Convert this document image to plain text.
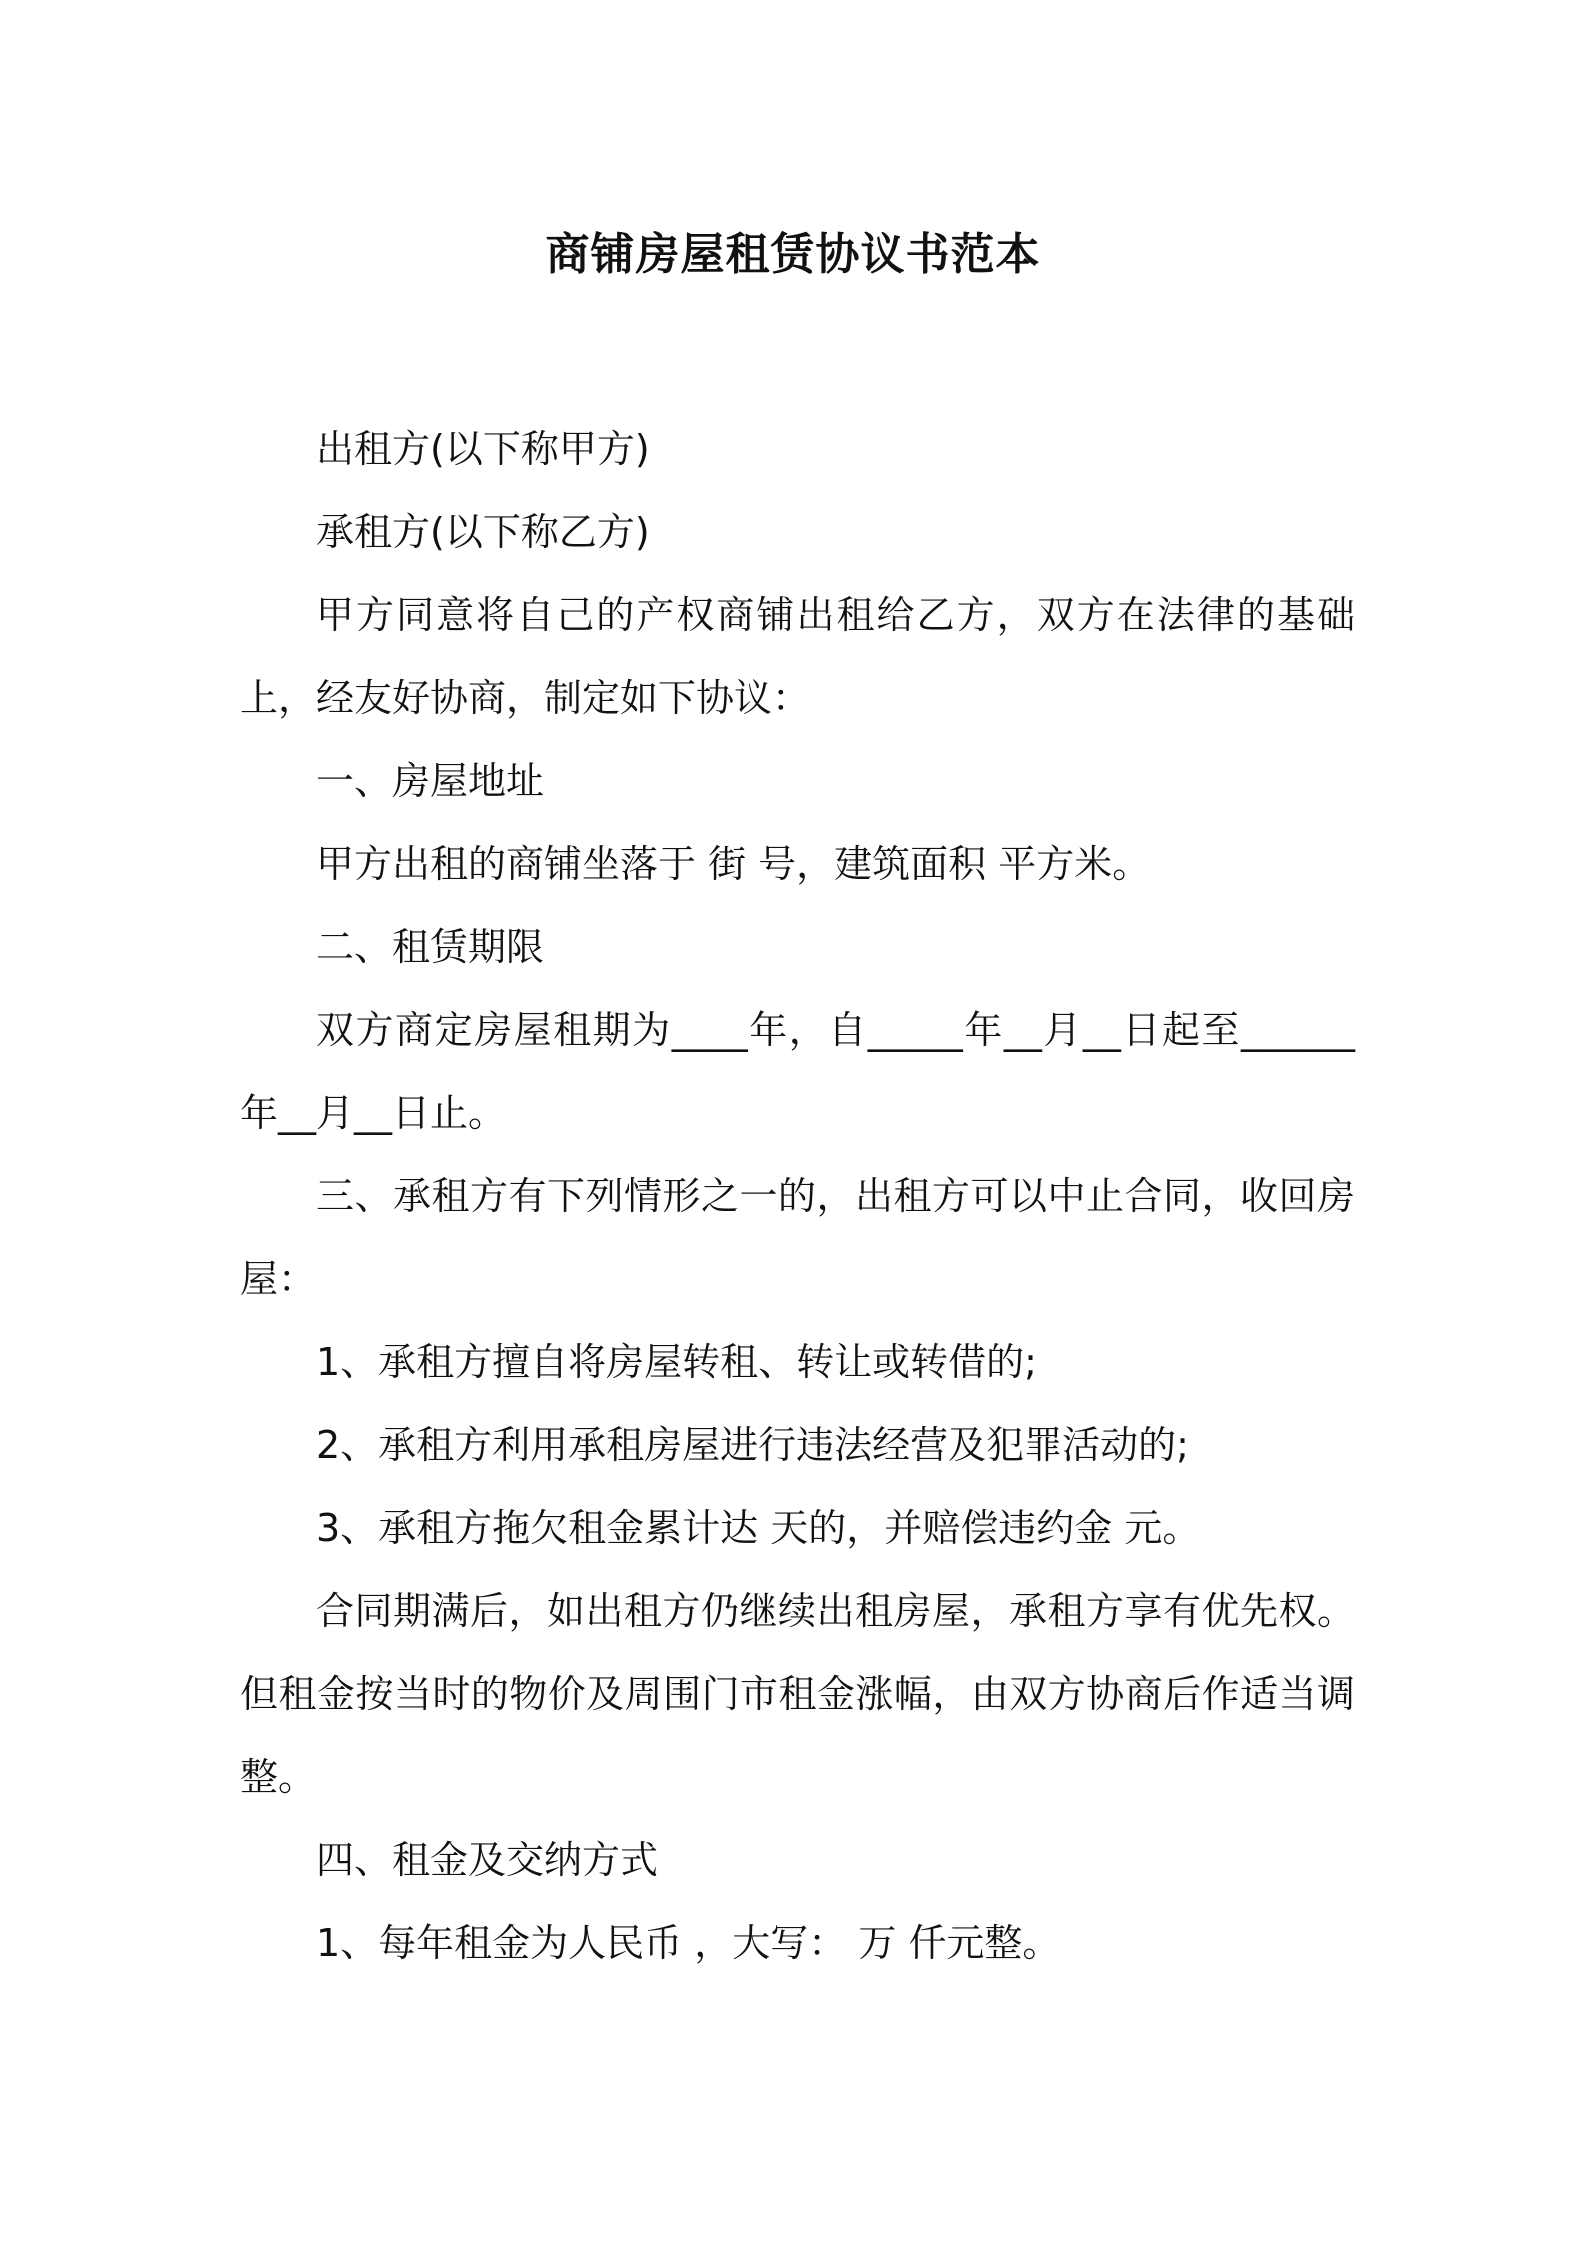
商铺房屋租赁协议书范本

出租方(以下称甲方)

承租方(以下称乙方)

甲方同意将自己的产权商铺出租给乙方，双方在法律的基础上，经友好协商，制定如下协议：

一、房屋地址

甲方出租的商铺坐落于 街 号，建筑面积 平方米。

二、租赁期限

双方商定房屋租期为____年，自_____年__月__日起至______年__月__日止。

三、承租方有下列情形之一的，出租方可以中止合同，收回房屋：

1、承租方擅自将房屋转租、转让或转借的;

2、承租方利用承租房屋进行违法经营及犯罪活动的;

3、承租方拖欠租金累计达 天的，并赔偿违约金 元。

合同期满后，如出租方仍继续出租房屋，承租方享有优先权。但租金按当时的物价及周围门市租金涨幅，由双方协商后作适当调整。

四、租金及交纳方式

1、每年租金为人民币 ，大写： 万 仟元整。
